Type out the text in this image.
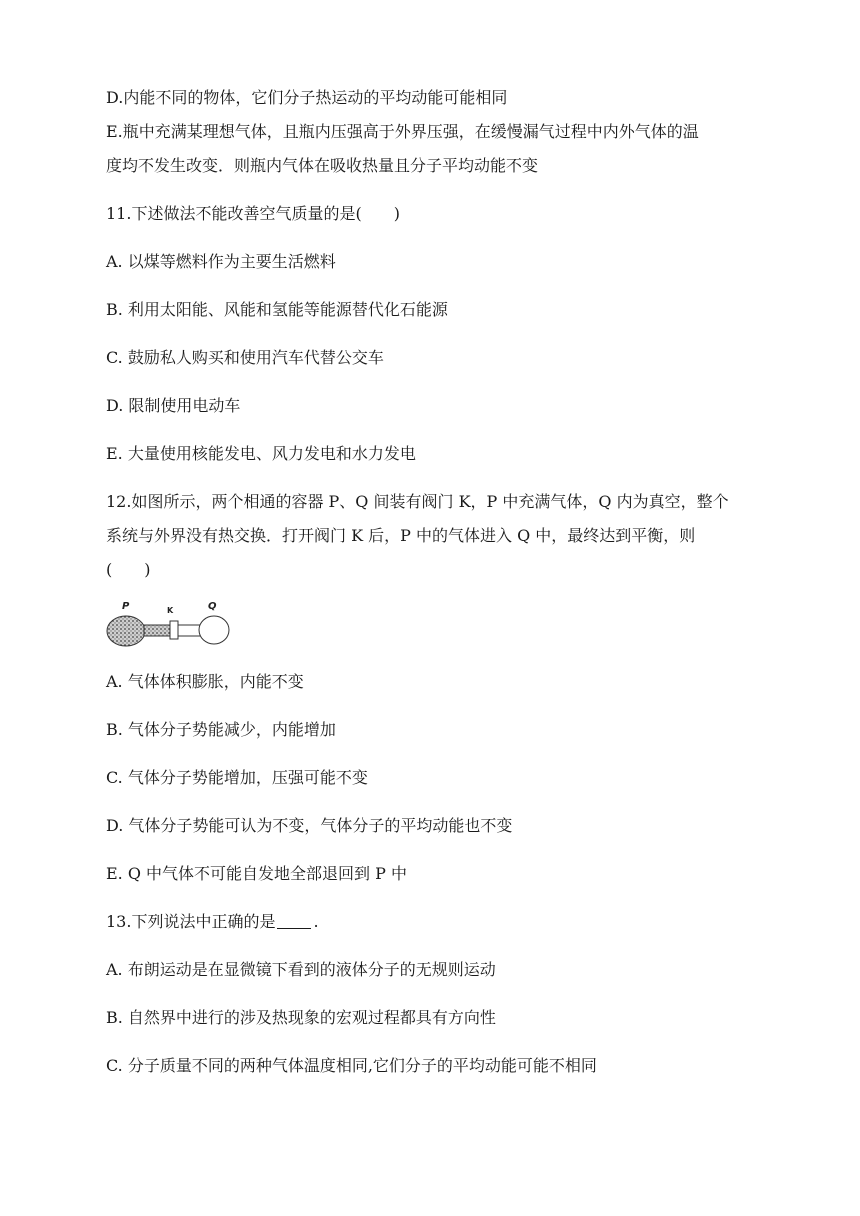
D.内能不同的物体，它们分子热运动的平均动能可能相同
E.瓶中充满某理想气体，且瓶内压强高于外界压强，在缓慢漏气过程中内外气体的温
度均不发生改变．则瓶内气体在吸收热量且分子平均动能不变
11.下述做法不能改善空气质量的是(　　)
A. 以煤等燃料作为主要生活燃料
B. 利用太阳能、风能和氢能等能源替代化石能源
C. 鼓励私人购买和使用汽车代替公交车
D. 限制使用电动车
E. 大量使用核能发电、风力发电和水力发电
12.如图所示，两个相通的容器 P、Q 间装有阀门 K，P 中充满气体，Q 内为真空，整个
系统与外界没有热交换．打开阀门 K 后，P 中的气体进入 Q 中，最终达到平衡，则
(　　)
P	K	Q
A. 气体体积膨胀，内能不变
B. 气体分子势能减少，内能增加
C. 气体分子势能增加，压强可能不变
D. 气体分子势能可认为不变，气体分子的平均动能也不变
E. Q 中气体不可能自发地全部退回到 P 中
13.下列说法中正确的是 .
A. 布朗运动是在显微镜下看到的液体分子的无规则运动
B. 自然界中进行的涉及热现象的宏观过程都具有方向性
C. 分子质量不同的两种气体温度相同,它们分子的平均动能可能不相同
